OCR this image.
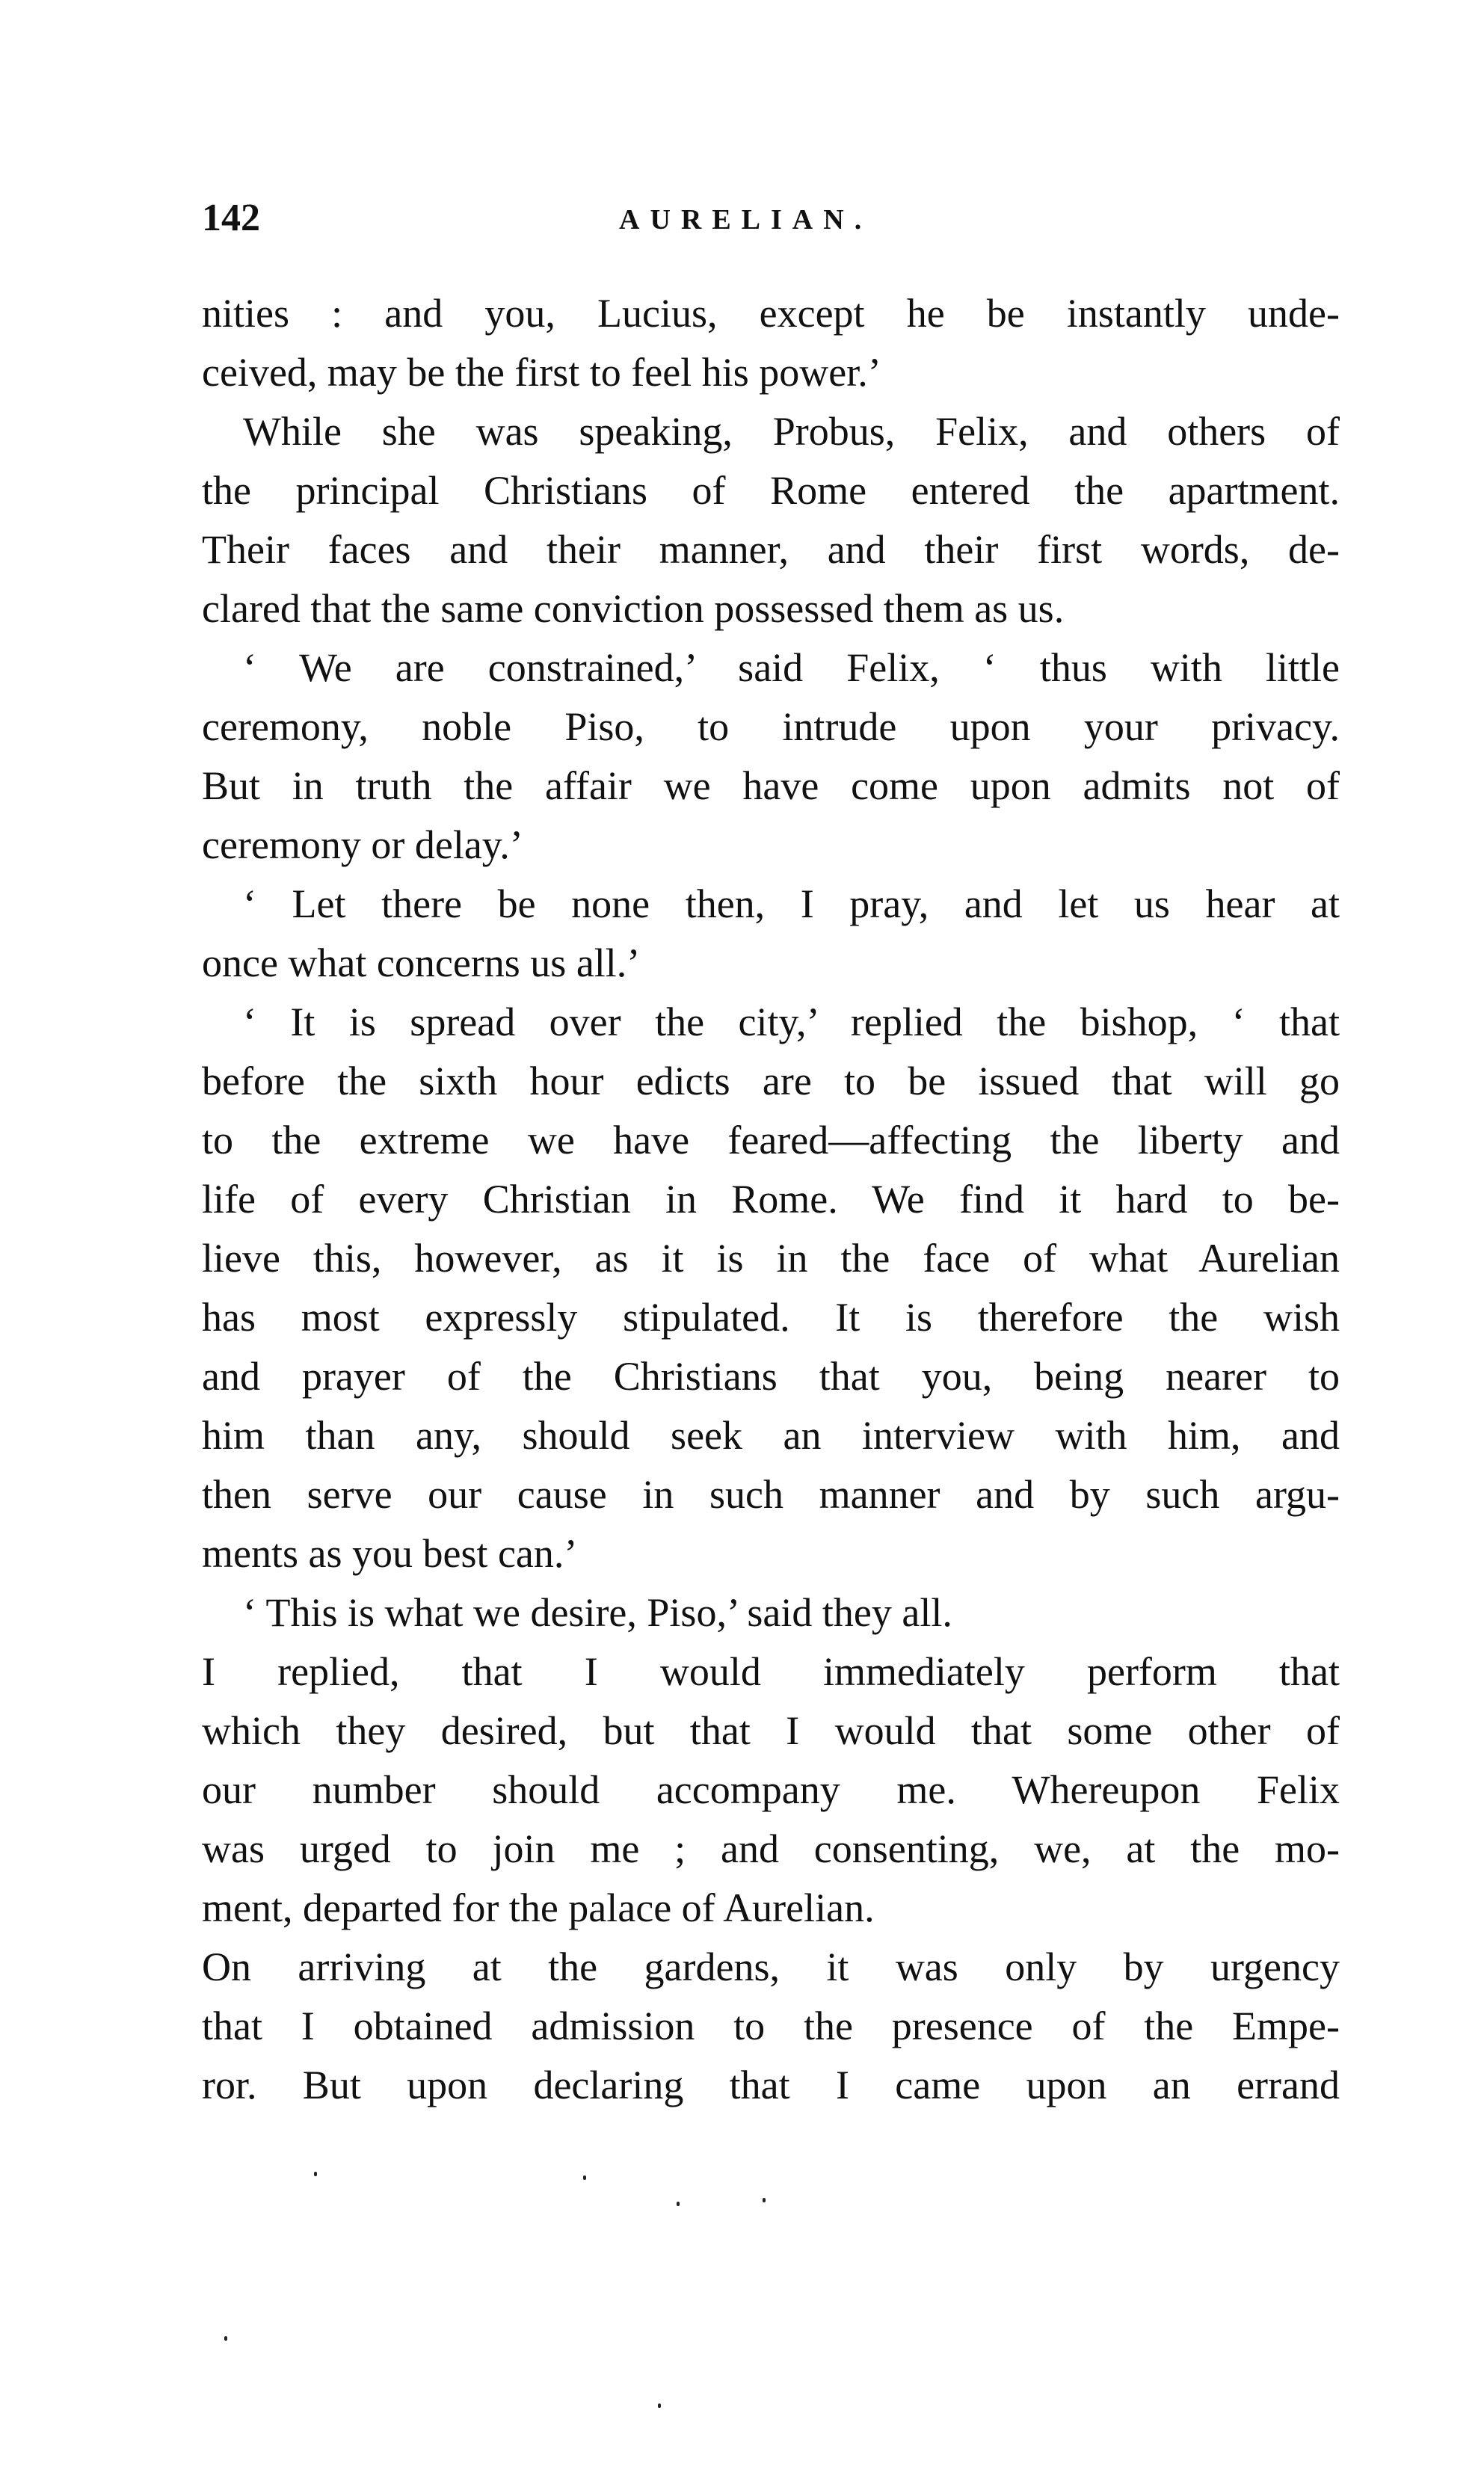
142	AURELIAN.
nities : and you, Lucius, except he be instantly unde-
ceived, may be the first to feel his power.’
While she was speaking, Probus, Felix, and others of
the principal Christians of Rome entered the apartment.
Their faces and their manner, and their first words, de-
clared that the same conviction possessed them as us.
‘ We are constrained,’ said Felix, ‘ thus with little
ceremony, noble Piso, to intrude upon your privacy.
But in truth the affair we have come upon admits not of
ceremony or delay.’
‘ Let there be none then, I pray, and let us hear at
once what concerns us all.’
‘ It is spread over the city,’ replied the bishop, ‘ that
before the sixth hour edicts are to be issued that will go
to the extreme we have feared—affecting the liberty and
life of every Christian in Rome. We find it hard to be-
lieve this, however, as it is in the face of what Aurelian
has most expressly stipulated. It is therefore the wish
and prayer of the Christians that you, being nearer to
him than any, should seek an interview with him, and
then serve our cause in such manner and by such argu-
ments as you best can.’
‘ This is what we desire, Piso,’ said they all.
I replied, that I would immediately perform that
which they desired, but that I would that some other of
our number should accompany me. Whereupon Felix
was urged to join me ; and consenting, we, at the mo-
ment, departed for the palace of Aurelian.
On arriving at the gardens, it was only by urgency
that I obtained admission to the presence of the Empe-
ror. But upon declaring that I came upon an errand
